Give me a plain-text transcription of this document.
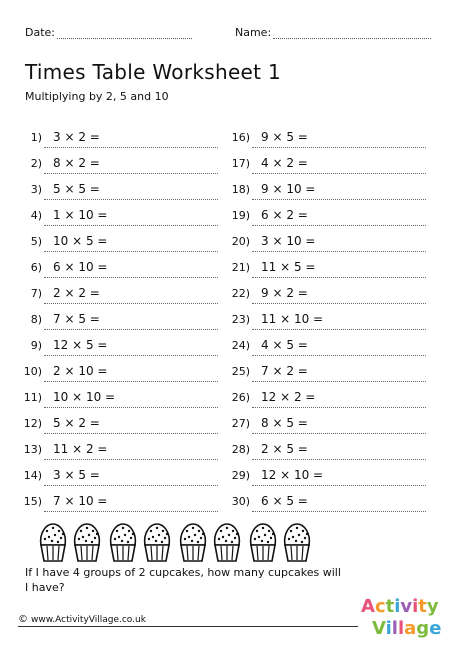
Date:	Name:
Times Table Worksheet 1
Multiplying by 2, 5 and 10
1) 3 × 2 =
2) 8 × 2 =
3) 5 × 5 =
4) 1 × 10 =
5) 10 × 5 =
6) 6 × 10 =
7) 2 × 2 =
8) 7 × 5 =
9) 12 × 5 =
10) 2 × 10 =
11) 10 × 10 =
12) 5 × 2 =
13) 11 × 2 =
14) 3 × 5 =
15) 7 × 10 =
16) 9 × 5 =
17) 4 × 2 =
18) 9 × 10 =
19) 6 × 2 =
20) 3 × 10 =
21) 11 × 5 =
22) 9 × 2 =
23) 11 × 10 =
24) 4 × 5 =
25) 7 × 2 =
26) 12 × 2 =
27) 8 × 5 =
28) 2 × 5 =
29) 12 × 10 =
30) 6 × 5 =
If I have 4 groups of 2 cupcakes, how many cupcakes will I have?
© www.ActivityVillage.co.uk
Activity
Village
